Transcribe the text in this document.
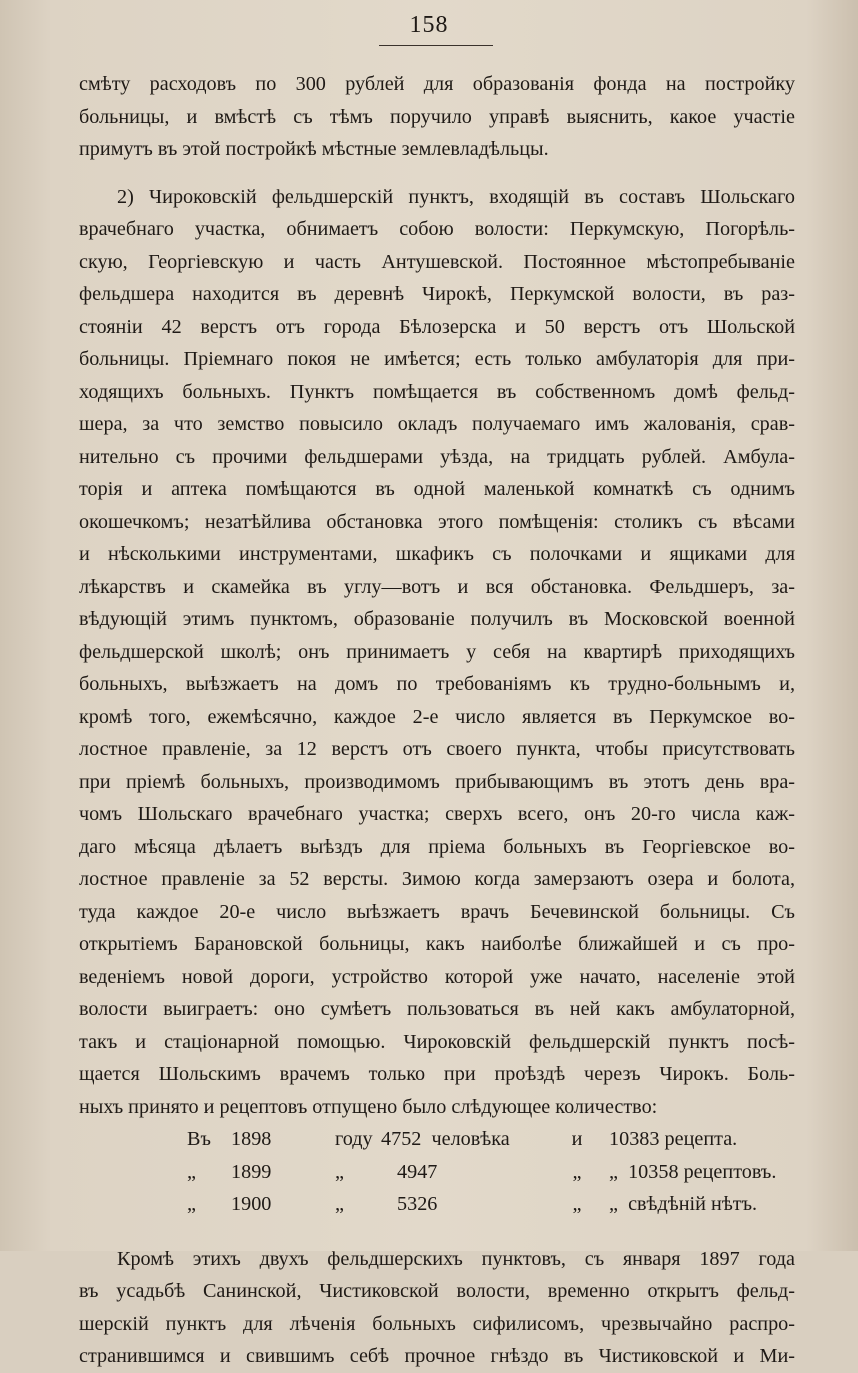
158
смѣту расходовъ по 300 рублей для образованія фонда на постройку
больницы, и вмѣстѣ съ тѣмъ поручило управѣ выяснить, какое участіе
примутъ въ этой постройкѣ мѣстные землевладѣльцы.
2) Чироковскій фельдшерскій пунктъ, входящій въ составъ Шольскаго
врачебнаго участка, обнимаетъ собою волости: Перкумскую, Погорѣль-
скую, Георгіевскую и часть Антушевской. Постоянное мѣстопребываніе
фельдшера находится въ деревнѣ Чирокѣ, Перкумской волости, въ раз-
стояніи 42 верстъ отъ города Бѣлозерска и 50 верстъ отъ Шольской
больницы. Пріемнаго покоя не имѣется; есть только амбулаторія для при-
ходящихъ больныхъ. Пунктъ помѣщается въ собственномъ домѣ фельд-
шера, за что земство повысило окладъ получаемаго имъ жалованія, срав-
нительно съ прочими фельдшерами уѣзда, на тридцать рублей. Амбула-
торія и аптека помѣщаются въ одной маленькой комнаткѣ съ однимъ
окошечкомъ; незатѣйлива обстановка этого помѣщенія: столикъ съ вѣсами
и нѣсколькими инструментами, шкафикъ съ полочками и ящиками для
лѣкарствъ и скамейка въ углу—вотъ и вся обстановка. Фельдшеръ, за-
вѣдующій этимъ пунктомъ, образованіе получилъ въ Московской военной
фельдшерской школѣ; онъ принимаетъ у себя на квартирѣ приходящихъ
больныхъ, выѣзжаетъ на домъ по требованіямъ къ трудно-больнымъ и,
кромѣ того, ежемѣсячно, каждое 2-е число является въ Перкумское во-
лостное правленіе, за 12 верстъ отъ своего пункта, чтобы присутствовать
при пріемѣ больныхъ, производимомъ прибывающимъ въ этотъ день вра-
чомъ Шольскаго врачебнаго участка; сверхъ всего, онъ 20-го числа каж-
даго мѣсяца дѣлаетъ выѣздъ для пріема больныхъ въ Георгіевское во-
лостное правленіе за 52 версты. Зимою когда замерзаютъ озера и болота,
туда каждое 20-е число выѣзжаетъ врачъ Бечевинской больницы. Съ
открытіемъ Барановской больницы, какъ наиболѣе ближайшей и съ про-
веденіемъ новой дороги, устройство которой уже начато, населеніе этой
волости выиграетъ: оно сумѣетъ пользоваться въ ней какъ амбулаторной,
такъ и стаціонарной помощью. Чироковскій фельдшерскій пунктъ посѣ-
щается Шольскимъ врачемъ только при проѣздѣ черезъ Чирокъ. Боль-
ныхъ принято и рецептовъ отпущено было слѣдующее количество:
Въ 1898	году	4752 человѣка	и	10383 рецепта.
„ 1899	„	4947	„	„ 10358 рецептовъ.
„ 1900	„	5326	„	„ свѣдѣній нѣтъ.
Кромѣ этихъ двухъ фельдшерскихъ пунктовъ, съ января 1897 года
въ усадьбѣ Санинской, Чистиковской волости, временно открытъ фельд-
шерскій пунктъ для лѣченія больныхъ сифилисомъ, чрезвычайно распро-
странившимся и свившимъ себѣ прочное гнѣздо въ Чистиковской и Ми-
